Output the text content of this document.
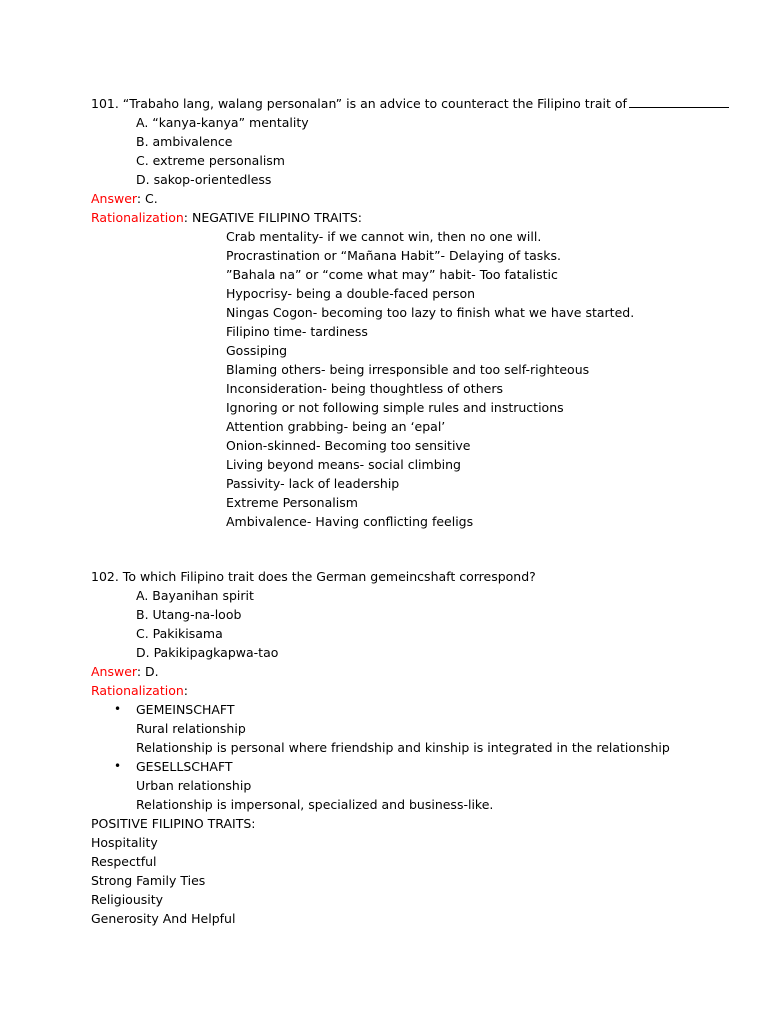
101. “Trabaho lang, walang personalan” is an advice to counteract the Filipino trait of
A. “kanya-kanya” mentality
B. ambivalence
C. extreme personalism
D. sakop-orientedless
Answer: C.
Rationalization: NEGATIVE FILIPINO TRAITS:
Crab mentality- if we cannot win, then no one will.
Procrastination or “Mañana Habit”- Delaying of tasks.
”Bahala na” or “come what may” habit- Too fatalistic
Hypocrisy- being a double-faced person
Ningas Cogon- becoming too lazy to finish what we have started.
Filipino time- tardiness
Gossiping
Blaming others- being irresponsible and too self-righteous
Inconsideration- being thoughtless of others
Ignoring or not following simple rules and instructions
Attention grabbing- being an ‘epal’
Onion-skinned- Becoming too sensitive
Living beyond means- social climbing
Passivity- lack of leadership
Extreme Personalism
Ambivalence- Having conflicting feeligs
102. To which Filipino trait does the German gemeincshaft correspond?
A. Bayanihan spirit
B. Utang-na-loob
C. Pakikisama
D. Pakikipagkapwa-tao
Answer: D.
Rationalization:
• GEMEINSCHAFT
Rural relationship
Relationship is personal where friendship and kinship is integrated in the relationship
• GESELLSCHAFT
Urban relationship
Relationship is impersonal, specialized and business-like.
POSITIVE FILIPINO TRAITS:
Hospitality
Respectful
Strong Family Ties
Religiousity
Generosity And Helpful
